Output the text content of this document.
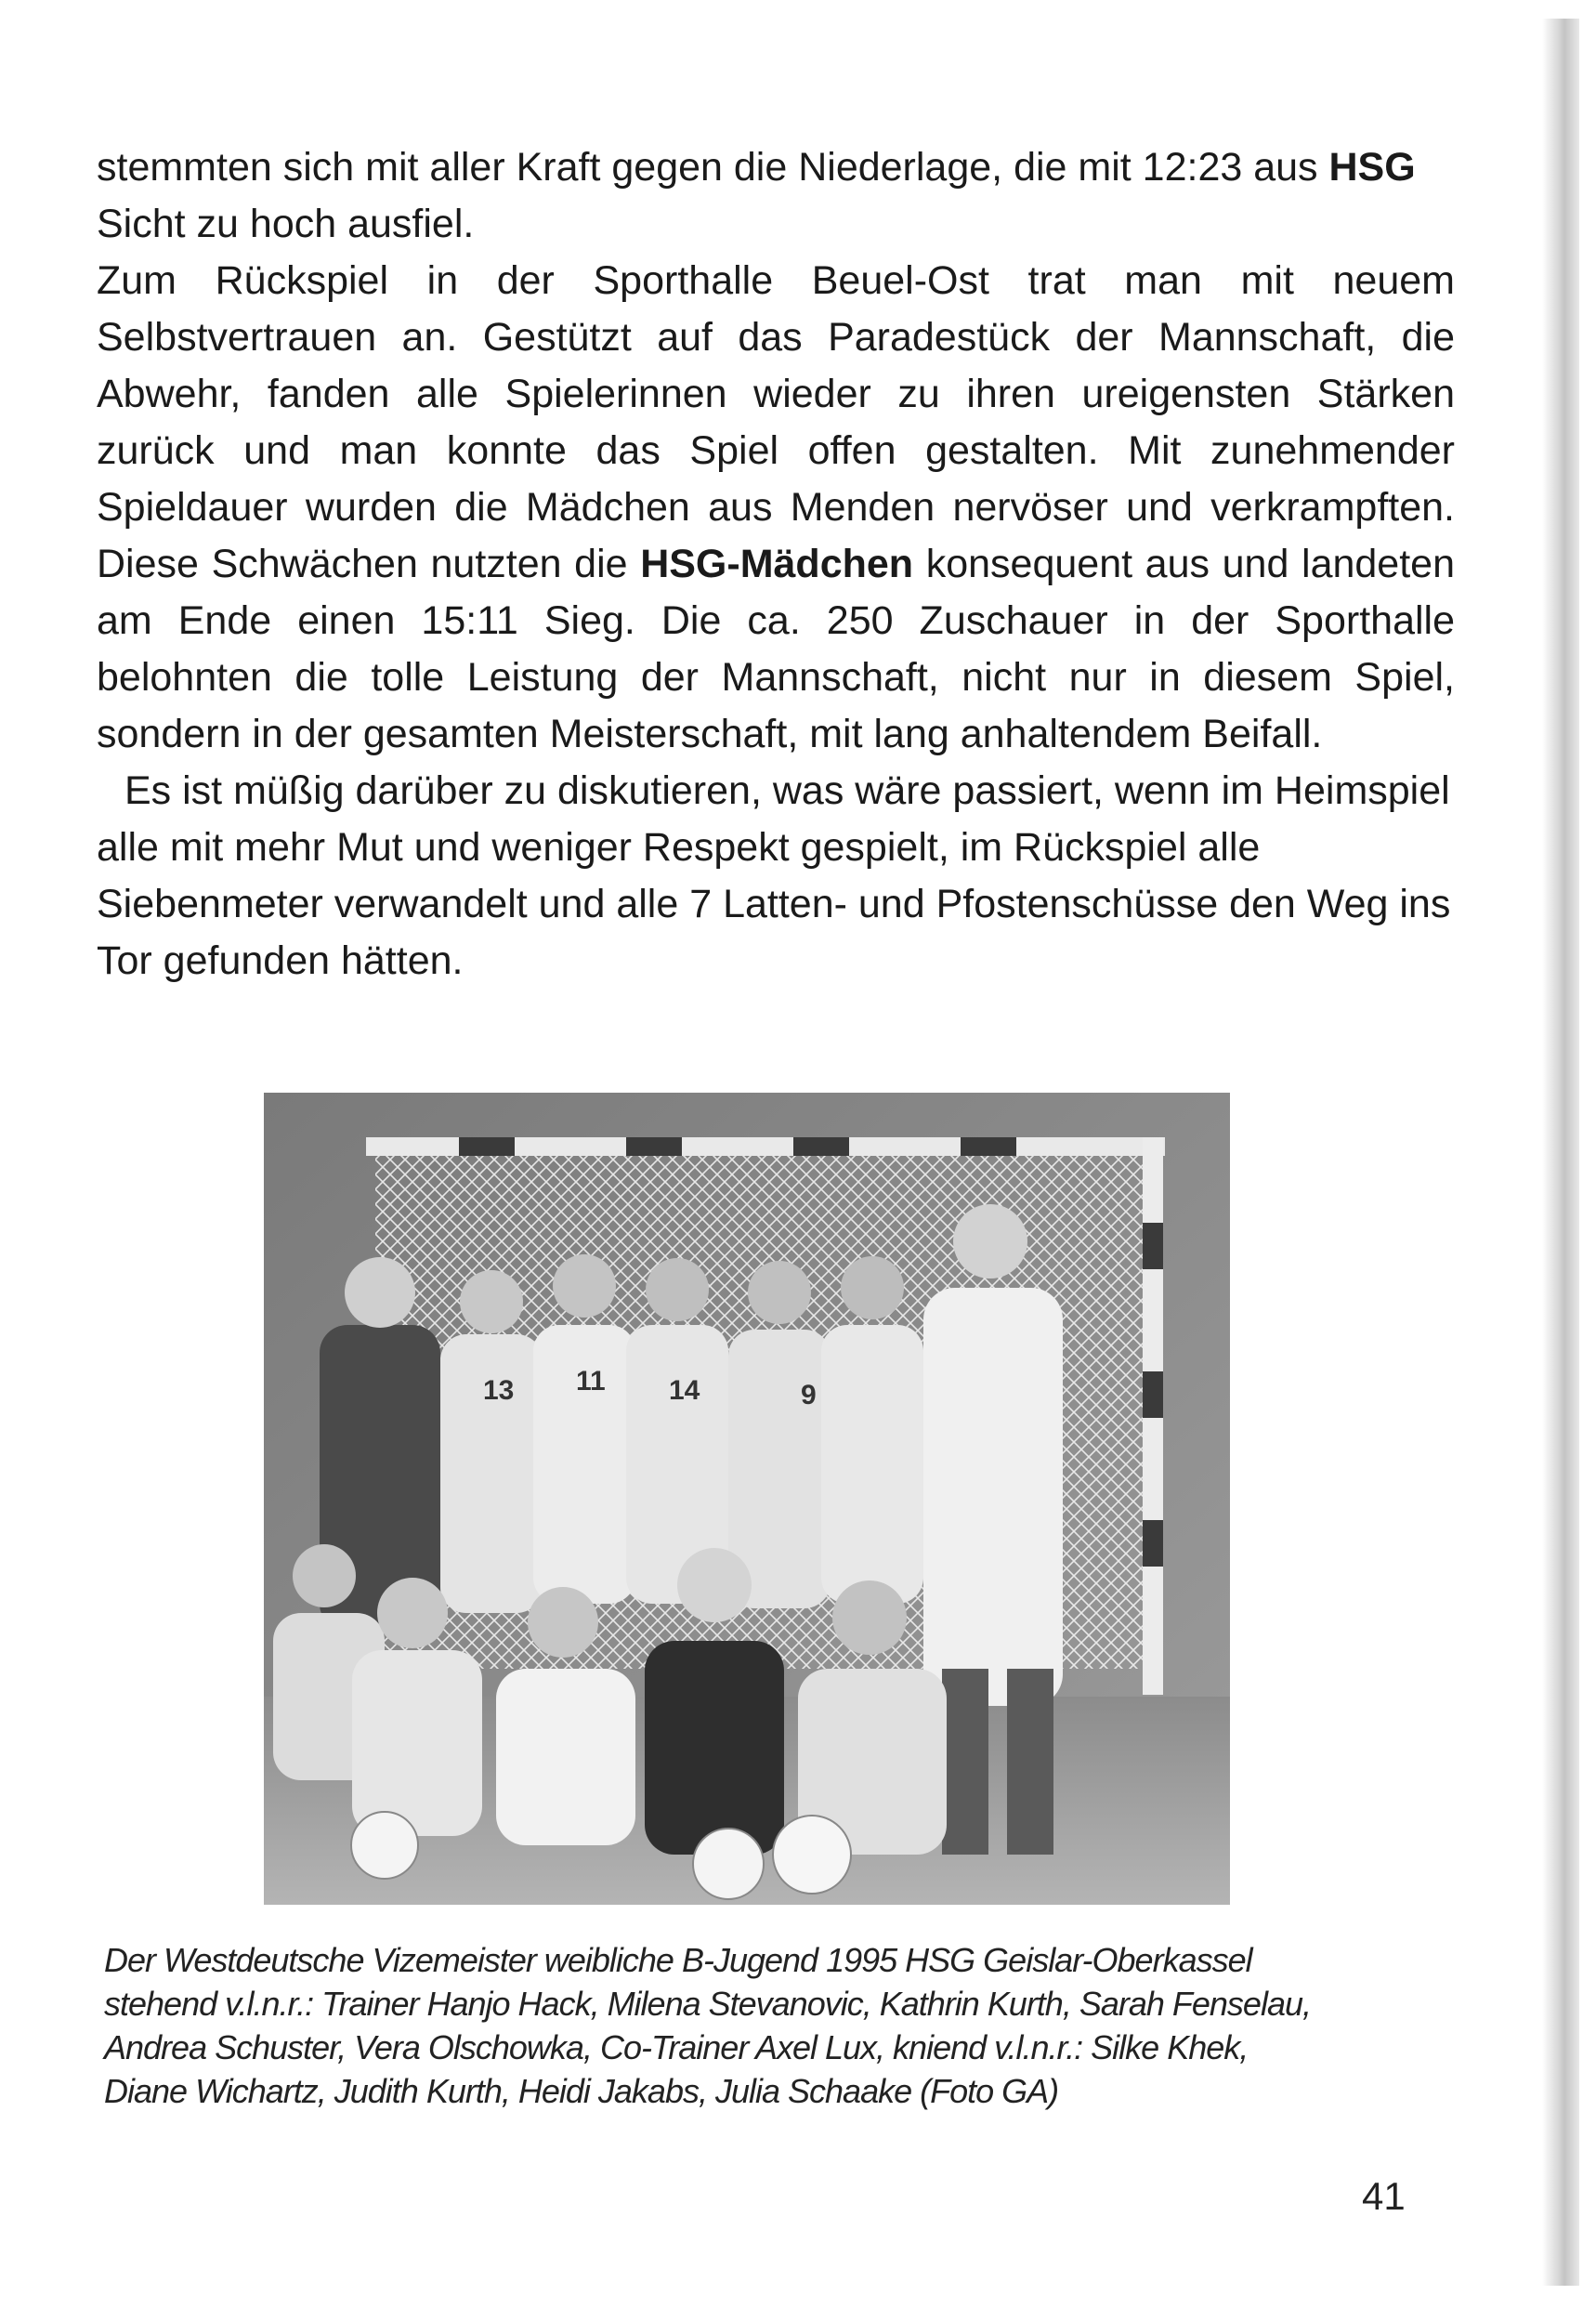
stemmten sich mit aller Kraft gegen die Niederlage, die mit 12:23 aus HSG Sicht zu hoch ausfiel.

Zum Rückspiel in der Sporthalle Beuel-Ost trat man mit neuem Selbstvertrauen an. Gestützt auf das Paradestück der Mannschaft, die Abwehr, fanden alle Spielerinnen wieder zu ihren ureigensten Stärken zurück und man konnte das Spiel offen gestalten. Mit zunehmender Spieldauer wurden die Mädchen aus Menden nervöser und verkrampften. Diese Schwächen nutzten die HSG-Mädchen konsequent aus und landeten am Ende einen 15:11 Sieg. Die ca. 250 Zuschauer in der Sporthalle belohnten die tolle Leistung der Mannschaft, nicht nur in diesem Spiel, sondern in der gesamten Meisterschaft, mit lang anhaltendem Beifall.

Es ist müßig darüber zu diskutieren, was wäre passiert, wenn im Heimspiel alle mit mehr Mut und weniger Respekt gespielt, im Rückspiel alle Siebenmeter verwandelt und alle 7 Latten- und Pfostenschüsse den Weg ins Tor gefunden hätten.

13 11 14	9
Der Westdeutsche Vizemeister weibliche B-Jugend 1995 HSG Geislar-Oberkassel
stehend v.l.n.r.: Trainer Hanjo Hack, Milena Stevanovic, Kathrin Kurth, Sarah Fenselau,
Andrea Schuster, Vera Olschowka, Co-Trainer Axel Lux, kniend v.l.n.r.: Silke Khek,
Diane Wichartz, Judith Kurth, Heidi Jakabs, Julia Schaake (Foto GA)
41
